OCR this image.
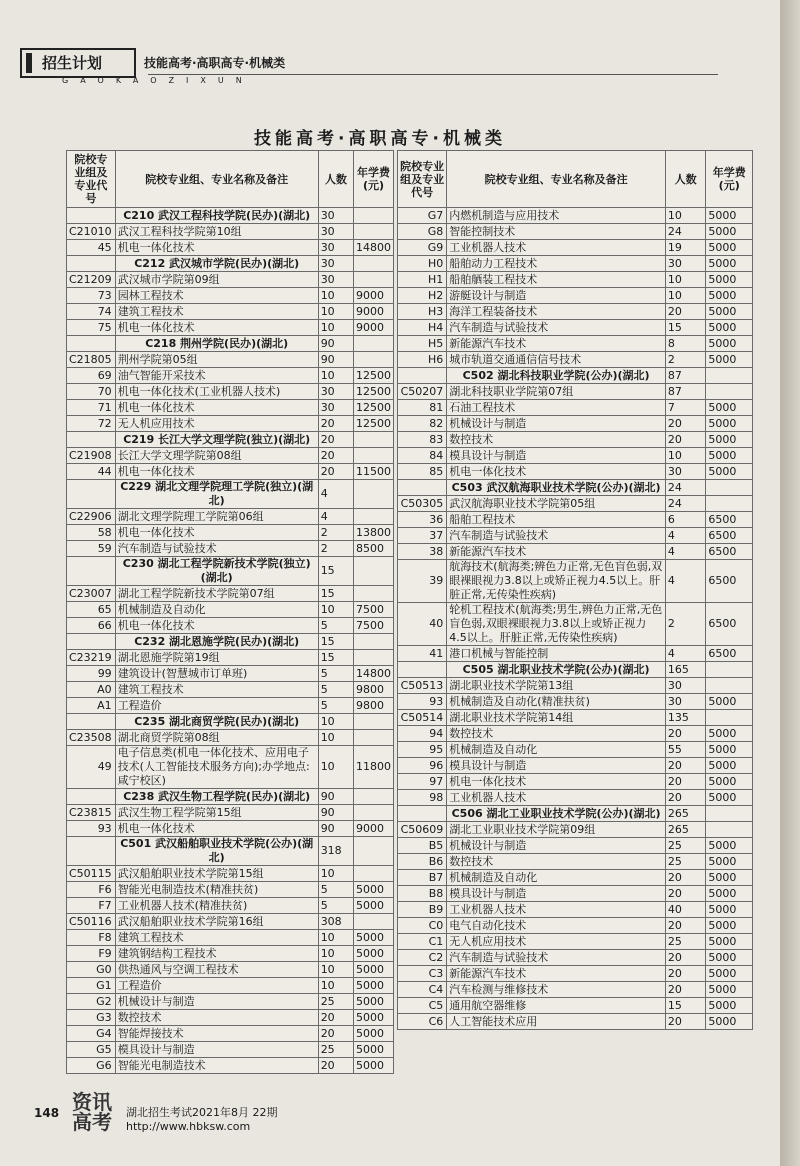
招生计划	技能高考·高职高专·机械类
GAOKAOZIXUN
技能高考·高职高专·机械类
院校专业组及专业代号	院校专业组、专业名称及备注	人数	年学费(元)
	C210 武汉工程科技学院(民办)(湖北)	30	
C21010	武汉工程科技学院第10组	30	
45	机电一体化技术	30	14800
	C212 武汉城市学院(民办)(湖北)	30	
C21209	武汉城市学院第09组	30	
73	园林工程技术	10	9000
74	建筑工程技术	10	9000
75	机电一体化技术	10	9000
	C218 荆州学院(民办)(湖北)	90	
C21805	荆州学院第05组	90	
69	油气智能开采技术	10	12500
70	机电一体化技术(工业机器人技术)	30	12500
71	机电一体化技术	30	12500
72	无人机应用技术	20	12500
	C219 长江大学文理学院(独立)(湖北)	20	
C21908	长江大学文理学院第08组	20	
44	机电一体化技术	20	11500
	C229 湖北文理学院理工学院(独立)(湖北)	4	
C22906	湖北文理学院理工学院第06组	4	
58	机电一体化技术	2	13800
59	汽车制造与试验技术	2	8500
	C230 湖北工程学院新技术学院(独立)(湖北)	15	
C23007	湖北工程学院新技术学院第07组	15	
65	机械制造及自动化	10	7500
66	机电一体化技术	5	7500
	C232 湖北恩施学院(民办)(湖北)	15	
C23219	湖北恩施学院第19组	15	
99	建筑设计(智慧城市订单班)	5	14800
A0	建筑工程技术	5	9800
A1	工程造价	5	9800
	C235 湖北商贸学院(民办)(湖北)	10	
C23508	湖北商贸学院第08组	10	
49	电子信息类(机电一体化技术、应用电子技术(人工智能技术服务方向);办学地点:咸宁校区)	10	11800
	C238 武汉生物工程学院(民办)(湖北)	90	
C23815	武汉生物工程学院第15组	90	
93	机电一体化技术	90	9000
	C501 武汉船舶职业技术学院(公办)(湖北)	318	
C50115	武汉船舶职业技术学院第15组	10	
F6	智能光电制造技术(精准扶贫)	5	5000
F7	工业机器人技术(精准扶贫)	5	5000
C50116	武汉船舶职业技术学院第16组	308	
F8	建筑工程技术	10	5000
F9	建筑钢结构工程技术	10	5000
G0	供热通风与空调工程技术	10	5000
G1	工程造价	10	5000
G2	机械设计与制造	25	5000
G3	数控技术	20	5000
G4	智能焊接技术	20	5000
G5	模具设计与制造	25	5000
G6	智能光电制造技术	20	5000
院校专业组及专业代号	院校专业组、专业名称及备注	人数	年学费(元)
G7	内燃机制造与应用技术	10	5000
G8	智能控制技术	24	5000
G9	工业机器人技术	19	5000
H0	船舶动力工程技术	30	5000
H1	船舶舾装工程技术	10	5000
H2	游艇设计与制造	10	5000
H3	海洋工程装备技术	20	5000
H4	汽车制造与试验技术	15	5000
H5	新能源汽车技术	8	5000
H6	城市轨道交通通信信号技术	2	5000
	C502 湖北科技职业学院(公办)(湖北)	87	
C50207	湖北科技职业学院第07组	87	
81	石油工程技术	7	5000
82	机械设计与制造	20	5000
83	数控技术	20	5000
84	模具设计与制造	10	5000
85	机电一体化技术	30	5000
	C503 武汉航海职业技术学院(公办)(湖北)	24	
C50305	武汉航海职业技术学院第05组	24	
36	船舶工程技术	6	6500
37	汽车制造与试验技术	4	6500
38	新能源汽车技术	4	6500
39	航海技术(航海类;辨色力正常,无色盲色弱,双眼裸眼视力3.8以上或矫正视力4.5以上。肝脏正常,无传染性疾病)	4	6500
40	轮机工程技术(航海类;男生,辨色力正常,无色盲色弱,双眼裸眼视力3.8以上或矫正视力4.5以上。肝脏正常,无传染性疾病)	2	6500
41	港口机械与智能控制	4	6500
	C505 湖北职业技术学院(公办)(湖北)	165	
C50513	湖北职业技术学院第13组	30	
93	机械制造及自动化(精准扶贫)	30	5000
C50514	湖北职业技术学院第14组	135	
94	数控技术	20	5000
95	机械制造及自动化	55	5000
96	模具设计与制造	20	5000
97	机电一体化技术	20	5000
98	工业机器人技术	20	5000
	C506 湖北工业职业技术学院(公办)(湖北)	265	
C50609	湖北工业职业技术学院第09组	265	
B5	机械设计与制造	25	5000
B6	数控技术	25	5000
B7	机械制造及自动化	20	5000
B8	模具设计与制造	20	5000
B9	工业机器人技术	40	5000
C0	电气自动化技术	20	5000
C1	无人机应用技术	25	5000
C2	汽车制造与试验技术	20	5000
C3	新能源汽车技术	20	5000
C4	汽车检测与维修技术	20	5000
C5	通用航空器维修	15	5000
C6	人工智能技术应用	20	5000
148 资讯高考	湖北招生考试2021年8月 22期
http://www.hbksw.com
